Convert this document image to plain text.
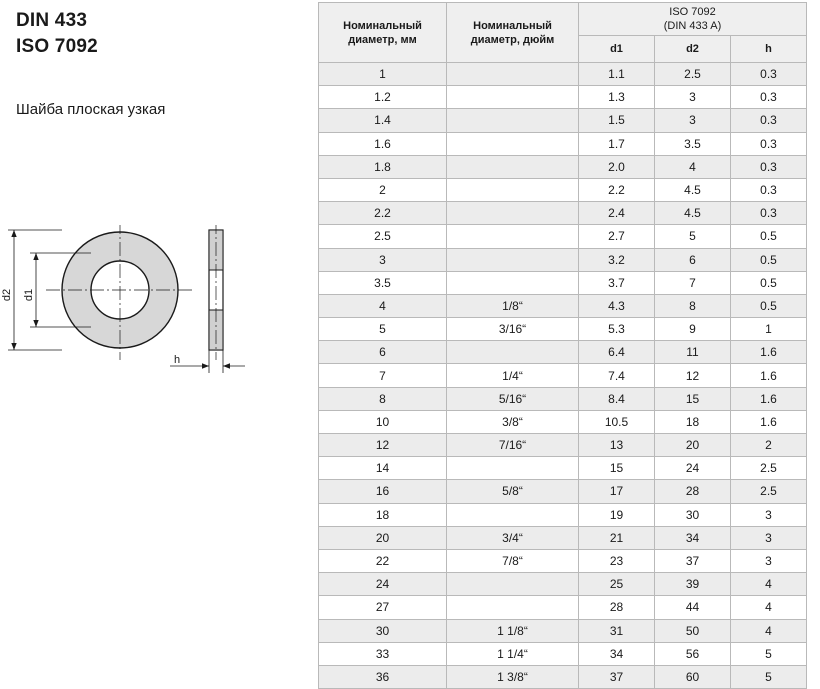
DIN 433
ISO 7092
Шайба плоская узкая
d2 d1
h
Номинальный
диаметр, мм

Номинальный
диаметр, дюйм

ISO 7092
(DIN 433 A)

		d1	d2	h
1		1.1	2.5	0.3
1.2		1.3	3	0.3
1.4		1.5	3	0.3
1.6		1.7	3.5	0.3
1.8		2.0	4	0.3
2		2.2	4.5	0.3
2.2		2.4	4.5	0.3
2.5		2.7	5	0.5
3		3.2	6	0.5
3.5		3.7	7	0.5
4	1/8“	4.3	8	0.5
5	3/16“	5.3	9	1
6		6.4	11	1.6
7	1/4“	7.4	12	1.6
8	5/16“	8.4	15	1.6
10	3/8“	10.5	18	1.6
12	7/16“	13	20	2
14		15	24	2.5
16	5/8“	17	28	2.5
18		19	30	3
20	3/4“	21	34	3
22	7/8“	23	37	3
24		25	39	4
27		28	44	4
30	1 1/8“	31	50	4
33	1 1/4“	34	56	5
36	1 3/8“	37	60	5
